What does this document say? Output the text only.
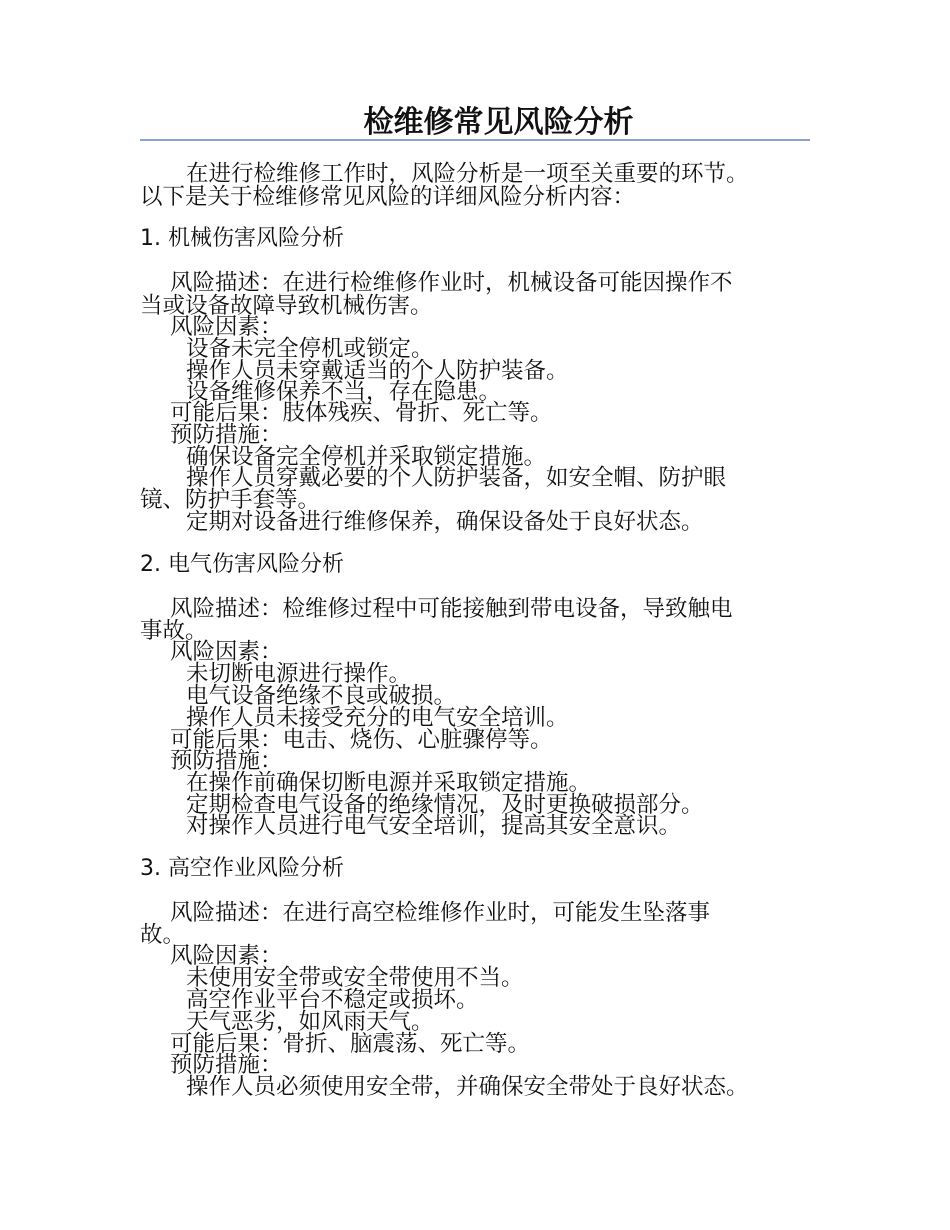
检维修常见风险分析
在进行检维修工作时，风险分析是一项至关重要的环节。
以下是关于检维修常见风险的详细风险分析内容：
1. 机械伤害风险分析
风险描述：在进行检维修作业时，机械设备可能因操作不
当或设备故障导致机械伤害。
风险因素：
设备未完全停机或锁定。
操作人员未穿戴适当的个人防护装备。
设备维修保养不当，存在隐患。
可能后果：肢体残疾、骨折、死亡等。
预防措施：
确保设备完全停机并采取锁定措施。
操作人员穿戴必要的个人防护装备，如安全帽、防护眼
镜、防护手套等。
定期对设备进行维修保养，确保设备处于良好状态。
2. 电气伤害风险分析
风险描述：检维修过程中可能接触到带电设备，导致触电
事故。
风险因素：
未切断电源进行操作。
电气设备绝缘不良或破损。
操作人员未接受充分的电气安全培训。
可能后果：电击、烧伤、心脏骤停等。
预防措施：
在操作前确保切断电源并采取锁定措施。
定期检查电气设备的绝缘情况，及时更换破损部分。
对操作人员进行电气安全培训，提高其安全意识。
3. 高空作业风险分析
风险描述：在进行高空检维修作业时，可能发生坠落事
故。
风险因素：
未使用安全带或安全带使用不当。
高空作业平台不稳定或损坏。
天气恶劣，如风雨天气。
可能后果：骨折、脑震荡、死亡等。
预防措施：
操作人员必须使用安全带，并确保安全带处于良好状态。
